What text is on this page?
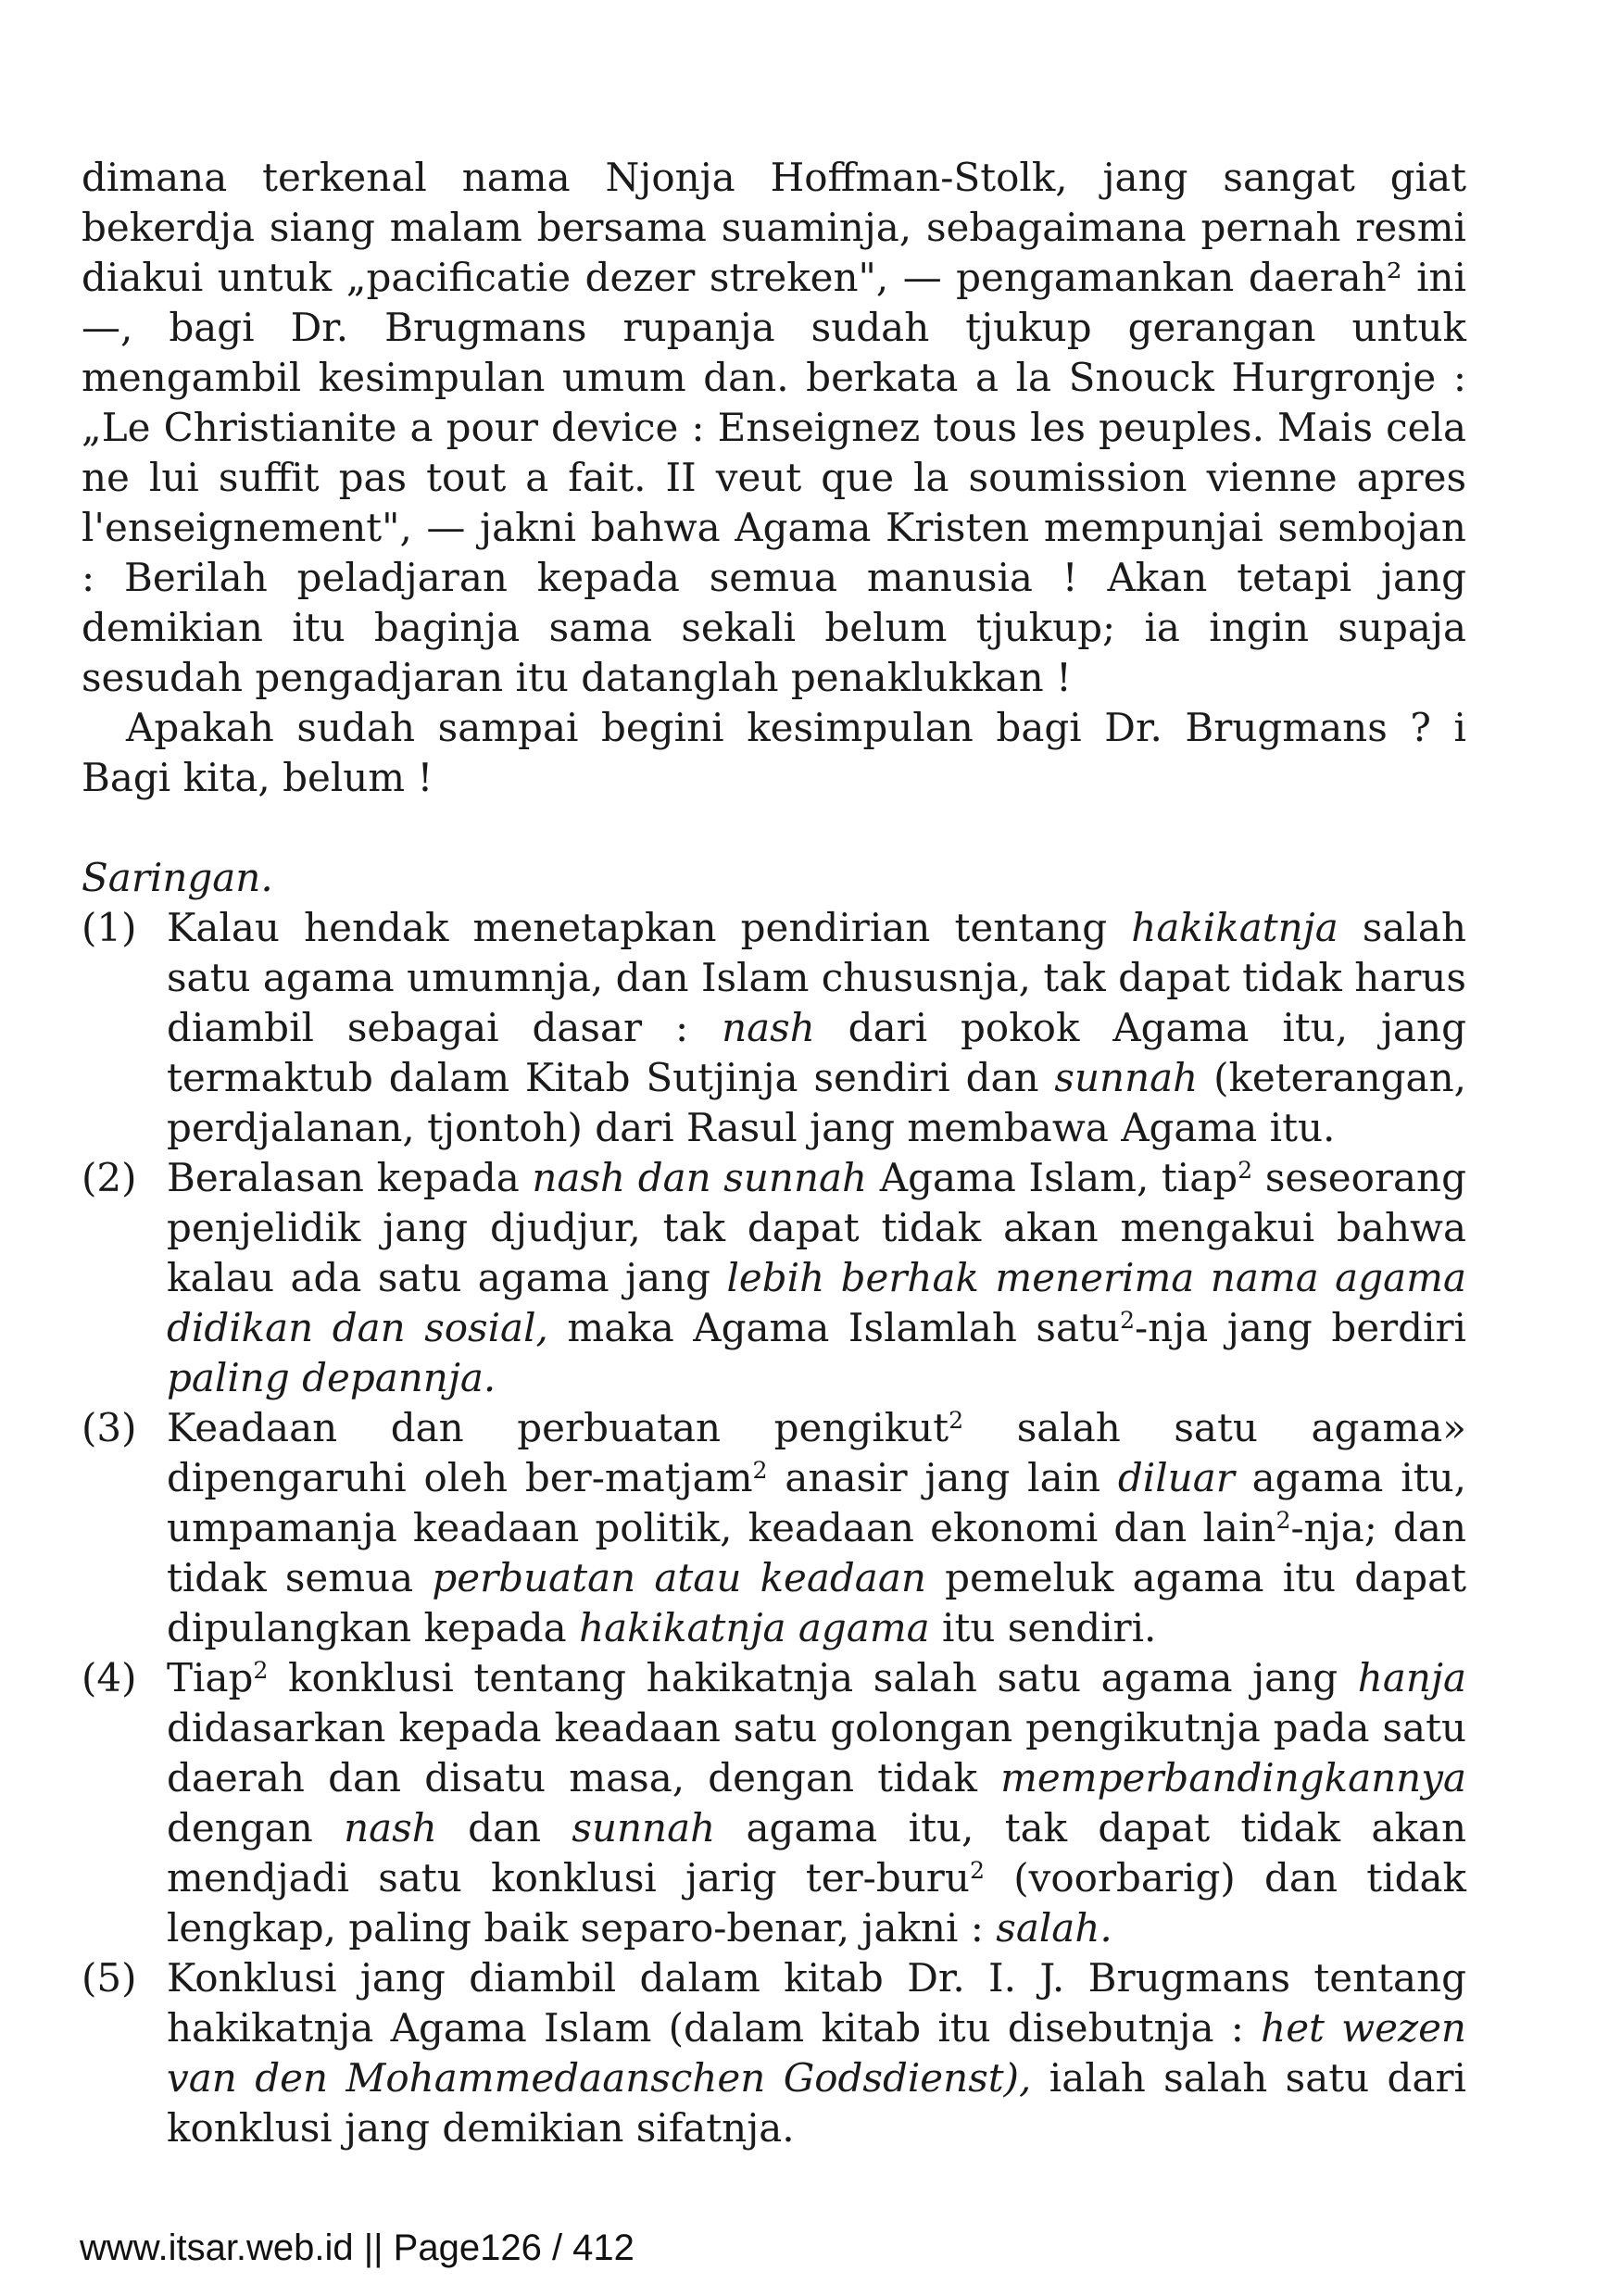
dimana terkenal nama Njonja Hoffman-Stolk, jang sangat giat bekerdja siang malam bersama suaminja, sebagaimana pernah resmi diakui untuk „pacificatie dezer streken", — pengamankan daerah² ini —, bagi Dr. Brugmans rupanja sudah tjukup gerangan untuk mengambil kesimpulan umum dan. berkata a la Snouck Hurgronje : „Le Christianite a pour device : Enseignez tous les peuples. Mais cela ne lui suffit pas tout a fait. II veut que la soumission vienne apres l'enseignement", — jakni bahwa Agama Kristen mempunjai sembojan : Berilah peladjaran kepada semua manusia ! Akan tetapi jang demikian itu baginja sama sekali belum tjukup; ia ingin supaja sesudah pengadjaran itu datanglah penaklukkan !

Apakah sudah sampai begini kesimpulan bagi Dr. Brugmans ? i Bagi kita, belum !

Saringan.

(1) Kalau hendak menetapkan pendirian tentang hakikatnja salah satu agama umumnja, dan Islam chususnja, tak dapat tidak harus diambil sebagai dasar : nash dari pokok Agama itu, jang termaktub dalam Kitab Sutjinja sendiri dan sunnah (keterangan, perdjalanan, tjontoh) dari Rasul jang membawa Agama itu.
(2) Beralasan kepada nash dan sunnah Agama Islam, tiap$^2$ seseorang penjelidik jang djudjur, tak dapat tidak akan mengakui bahwa kalau ada satu agama jang lebih berhak menerima nama agama didikan dan sosial, maka Agama Islamlah satu$^2$-nja jang berdiri paling depannja.
(3) Keadaan dan perbuatan pengikut$^2$ salah satu agama» dipengaruhi oleh ber-matjam$^2$ anasir jang lain diluar agama itu, umpamanja keadaan politik, keadaan ekonomi dan lain$^2$-nja; dan tidak semua perbuatan atau keadaan pemeluk agama itu dapat dipulangkan kepada hakikatnja agama itu sendiri.
(4) Tiap$^2$ konklusi tentang hakikatnja salah satu agama jang hanja didasarkan kepada keadaan satu golongan pengikutnja pada satu daerah dan disatu masa, dengan tidak memperbandingkannya dengan nash dan sunnah agama itu, tak dapat tidak akan mendjadi satu konklusi jarig ter-buru$^2$ (voorbarig) dan tidak lengkap, paling baik separo-benar, jakni : salah.
(5) Konklusi jang diambil dalam kitab Dr. I. J. Brugmans tentang hakikatnja Agama Islam (dalam kitab itu disebutnja : het wezen van den Mohammedaanschen Godsdienst), ialah salah satu dari konklusi jang demikian sifatnja.
www.itsar.web.id || Page126 / 412
